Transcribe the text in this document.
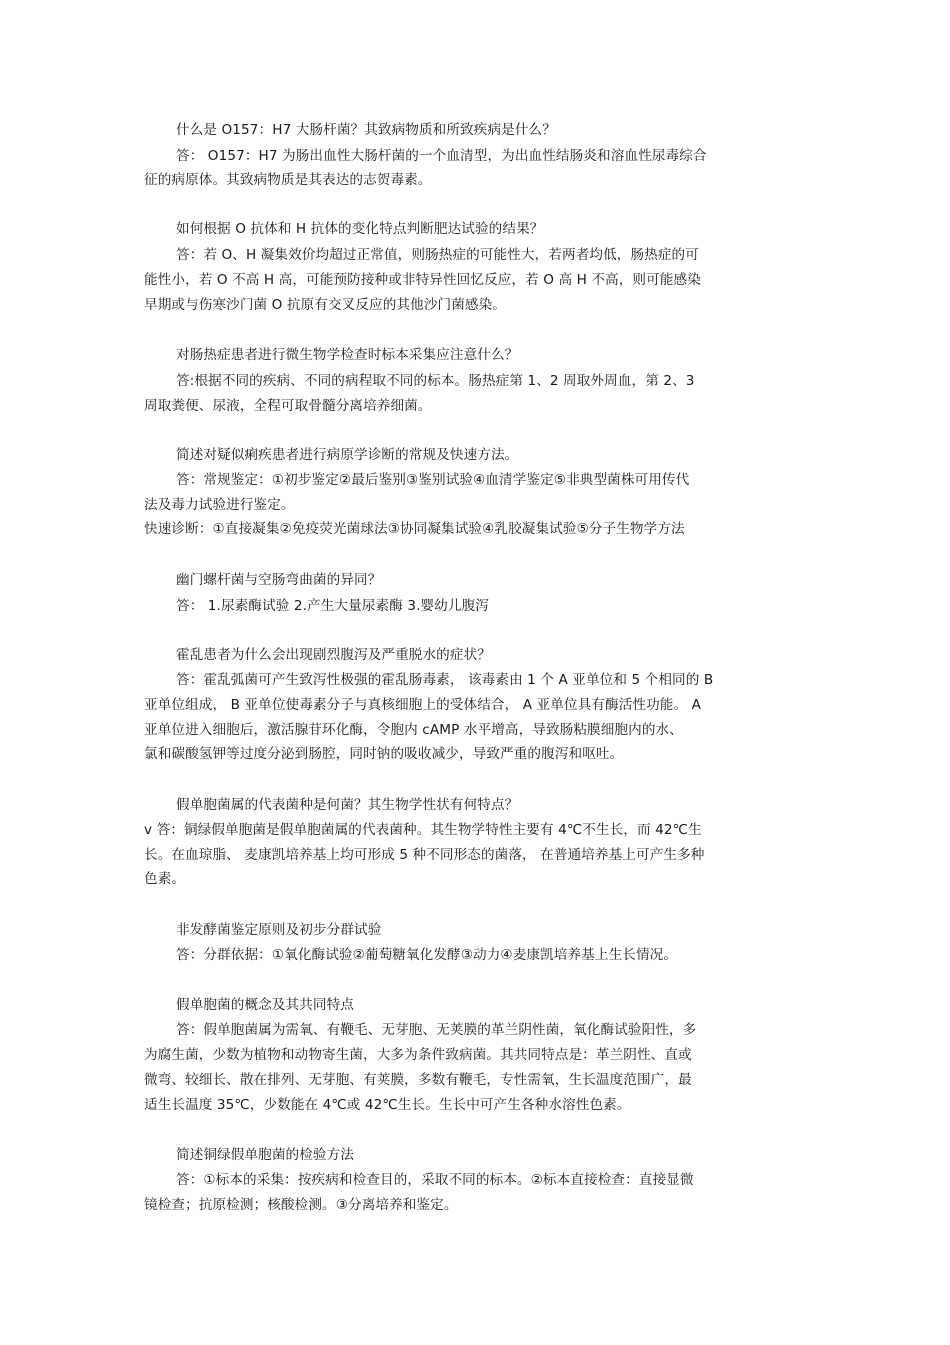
什么是 O157：H7 大肠杆菌？其致病物质和所致疾病是什么？
答： O157：H7 为肠出血性大肠杆菌的一个血清型，为出血性结肠炎和溶血性尿毒综合
征的病原体。其致病物质是其表达的志贺毒素。
如何根据 O 抗体和 H 抗体的变化特点判断肥达试验的结果？
答：若 O、H 凝集效价均超过正常值，则肠热症的可能性大，若两者均低，肠热症的可
能性小，若 O 不高 H 高，可能预防接种或非特异性回忆反应，若 O 高 H 不高，则可能感染
早期或与伤寒沙门菌 O 抗原有交叉反应的其他沙门菌感染。
对肠热症患者进行微生物学检查时标本采集应注意什么？
答:根据不同的疾病、不同的病程取不同的标本。肠热症第 1、2 周取外周血，第 2、3
周取粪便、尿液，全程可取骨髓分离培养细菌。
简述对疑似痢疾患者进行病原学诊断的常规及快速方法。
答：常规鉴定：①初步鉴定②最后鉴别③鉴别试验④血清学鉴定⑤非典型菌株可用传代
法及毒力试验进行鉴定。
快速诊断：①直接凝集②免疫荧光菌球法③协同凝集试验④乳胶凝集试验⑤分子生物学方法
幽门螺杆菌与空肠弯曲菌的异同？
答： 1.尿素酶试验 2.产生大量尿素酶 3.婴幼儿腹泻
霍乱患者为什么会出现剧烈腹泻及严重脱水的症状？
答：霍乱弧菌可产生致泻性极强的霍乱肠毒素， 该毒素由 1 个 A 亚单位和 5 个相同的 B
亚单位组成， B 亚单位使毒素分子与真核细胞上的受体结合， A 亚单位具有酶活性功能。 A
亚单位进入细胞后，激活腺苷环化酶，令胞内 cAMP 水平增高，导致肠粘膜细胞内的水、
氯和碳酸氢钾等过度分泌到肠腔，同时钠的吸收减少，导致严重的腹泻和呕吐。
假单胞菌属的代表菌种是何菌？其生物学性状有何特点？
v 答：铜绿假单胞菌是假单胞菌属的代表菌种。其生物学特性主要有 4℃不生长，而 42℃生
长。在血琼脂、 麦康凯培养基上均可形成 5 种不同形态的菌落， 在普通培养基上可产生多种
色素。
非发酵菌鉴定原则及初步分群试验
答：分群依据：①氧化酶试验②葡萄糖氧化发酵③动力④麦康凯培养基上生长情况。
假单胞菌的概念及其共同特点
答：假单胞菌属为需氧、有鞭毛、无芽胞、无荚膜的革兰阴性菌，氧化酶试验阳性，多
为腐生菌，少数为植物和动物寄生菌，大多为条件致病菌。其共同特点是：革兰阴性、直或
微弯、较细长、散在排列、无芽胞、有荚膜，多数有鞭毛，专性需氧，生长温度范围广，最
适生长温度 35℃，少数能在 4℃或 42℃生长。生长中可产生各种水溶性色素。
简述铜绿假单胞菌的检验方法
答：①标本的采集：按疾病和检查目的，采取不同的标本。②标本直接检查：直接显微
镜检查；抗原检测；核酸检测。③分离培养和鉴定。
